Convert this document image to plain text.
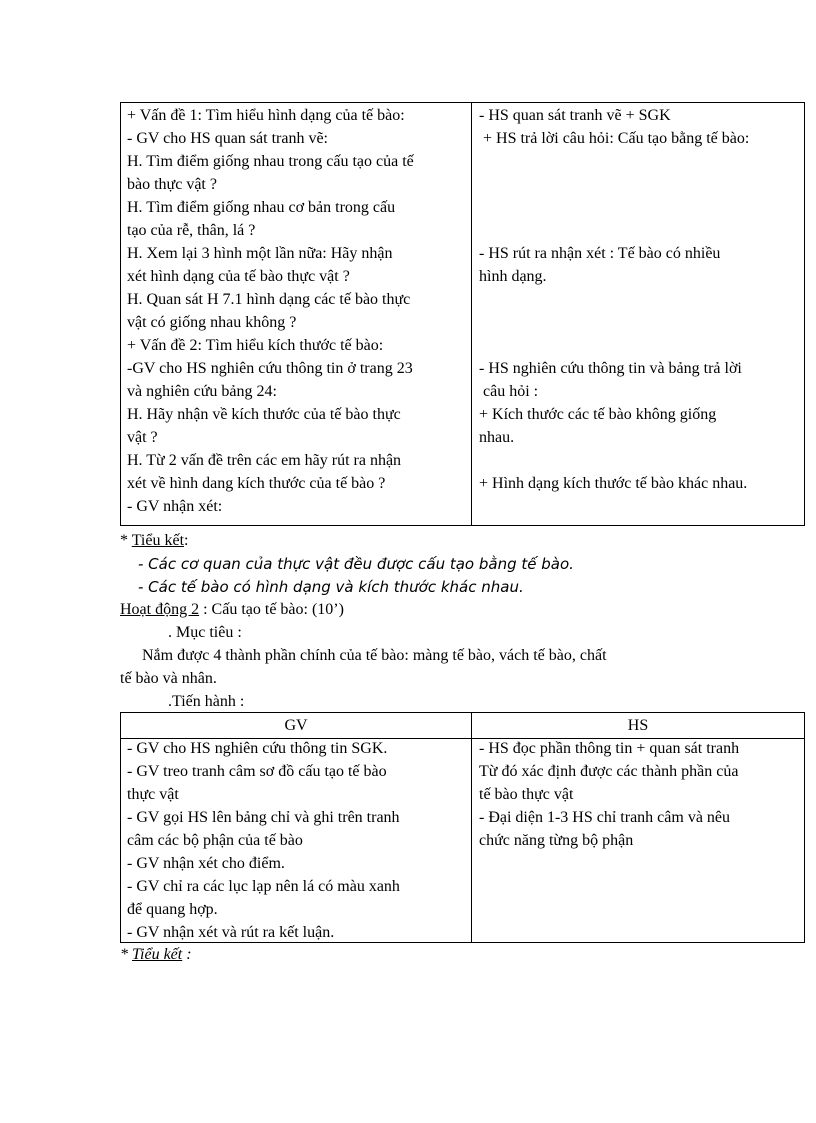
+ Vấn đề 1: Tìm hiểu hình dạng của tế bào:
- GV cho HS quan sát tranh vẽ:
H. Tìm điểm giống nhau trong cấu tạo của tế
bào thực vật ?
H. Tìm điểm giống nhau cơ bản trong cấu
tạo của rễ, thân, lá ?
H. Xem lại 3 hình một lần nữa: Hãy nhận
xét hình dạng của tế bào thực vật ?
H. Quan sát H 7.1 hình dạng các tế bào thực
vật có giống nhau không ?
+ Vấn đề 2: Tìm hiểu kích thước tế bào:
-GV cho HS nghiên cứu thông tin ở trang 23
và nghiên cứu bảng 24:
H. Hãy nhận về kích thước của tế bào thực
vật ?
H. Từ 2 vấn đề trên các em hãy rút ra nhận
xét về hình dang kích thước của tế bào ?
- GV nhận xét:
- HS quan sát tranh vẽ + SGK
+ HS trả lời câu hỏi: Cấu tạo bằng tế bào:
- HS rút ra nhận xét : Tế bào có nhiều
hình dạng.
- HS nghiên cứu thông tin và bảng trả lời
câu hỏi :
+ Kích thước các tế bào không giống
nhau.
+ Hình dạng kích thước tế bào khác nhau.
* Tiểu kết:
- Các cơ quan của thực vật đều được cấu tạo bằng tế bào.
- Các tế bào có hình dạng và kích thước khác nhau.
Hoạt động 2 : Cấu tạo tế bào: (10’)
. Mục tiêu :
Nắm được 4 thành phần chính của tế bào: màng tế bào, vách tế bào, chất
tế bào và nhân.
.Tiến hành :
GV	HS
- GV cho HS nghiên cứu thông tin SGK.
- GV treo tranh câm sơ đồ cấu tạo tế bào
thực vật
- GV gọi HS lên bảng chỉ và ghi trên tranh
câm các bộ phận của tế bào
- GV nhận xét cho điểm.
- GV chỉ ra các lục lạp nên lá có màu xanh
để quang hợp.
- GV nhận xét và rút ra kết luận.
- HS đọc phần thông tin + quan sát tranh
Từ đó xác định được các thành phần của
tế bào thực vật
- Đại diện 1-3 HS chỉ tranh câm và nêu
chức năng từng bộ phận
* Tiểu kết :
